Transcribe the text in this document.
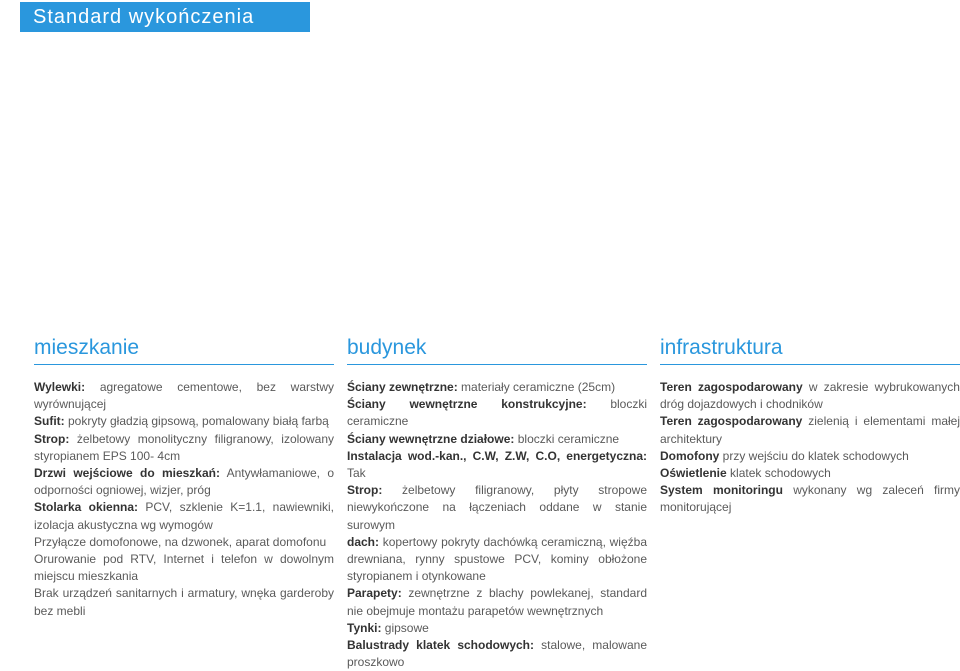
Standard wykończenia
mieszkanie

Wylewki: agregatowe cementowe, bez warstwy wyrównującej

Sufit: pokryty gładzią gipsową, pomalowany białą farbą

Strop: żelbetowy monolityczny filigranowy, izolowany styropianem EPS 100- 4cm

Drzwi wejściowe do mieszkań: Antywłamaniowe, o odporności ogniowej, wizjer, próg

Stolarka okienna: PCV, szklenie K=1.1, nawiewniki, izolacja akustyczna wg wymogów

Przyłącze domofonowe, na dzwonek, aparat domofonu

Orurowanie pod RTV, Internet i telefon w dowolnym miejscu mieszkania

Brak urządzeń sanitarnych i armatury, wnęka garderoby bez mebli

budynek

Ściany zewnętrzne: materiały ceramiczne (25cm)

Ściany wewnętrzne konstrukcyjne: bloczki ceramiczne

Ściany wewnętrzne działowe: bloczki ceramiczne

Instalacja wod.-kan., C.W, Z.W, C.O, energetyczna: Tak

Strop: żelbetowy filigranowy, płyty stropowe niewykończone na łączeniach oddane w stanie surowym

dach: kopertowy pokryty dachówką ceramiczną, więźba drewniana, rynny spustowe PCV, kominy obłożone styropianem i otynkowane

Parapety: zewnętrzne z blachy powlekanej, standard nie obejmuje montażu parapetów wewnętrznych

Tynki: gipsowe

Balustrady klatek schodowych: stalowe, malowane proszkowo

infrastruktura

Teren zagospodarowany w zakresie wybrukowanych dróg dojazdowych i chodników

Teren zagospodarowany zielenią i elementami małej architektury

Domofony przy wejściu do klatek schodowych

Oświetlenie klatek schodowych

System monitoringu wykonany wg zaleceń firmy monitorującej
